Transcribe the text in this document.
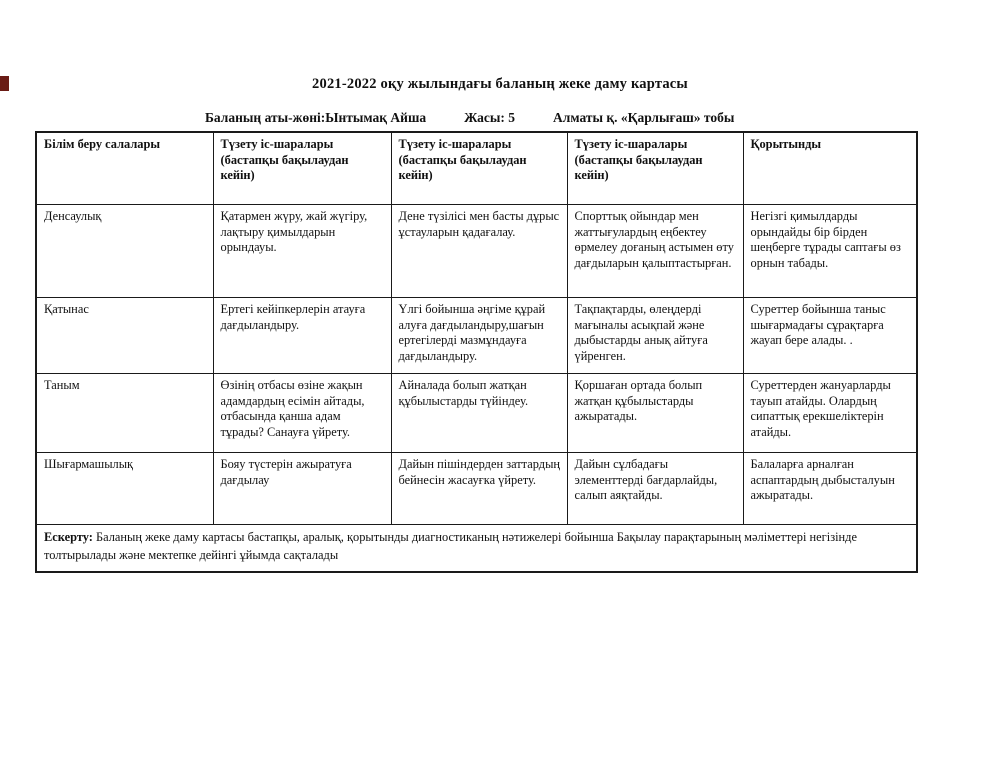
2021-2022 оқу жылындағы баланың жеке даму картасы
Баланың аты-жөні:Ынтымақ Айша	Жасы: 5	Алматы қ. «Қарлығаш» тобы
Білім беру салалары	Түзету іс-шаралары (бастапқы бақылаудан кейін)	Түзету іс-шаралары (бастапқы бақылаудан кейін)	Түзету іс-шаралары (бастапқы бақылаудан кейін)	Қорытынды
Денсаулық	Қатармен жүру, жай жүгіру, лақтыру қимылдарын орындауы.	Дене түзілісі мен басты дұрыс ұстауларын қадағалау.	Спорттық ойындар мен жаттығулардың еңбектеу өрмелеу доғаның астымен өту дағдыларын қалыптастырған.	Негізгі қимылдарды орындайды бір бірден шеңберге тұрады саптағы өз орнын табады.
Қатынас	Ертегі кейіпкерлерін атауға дағдыландыру.	Үлгі бойынша әңгіме құрай алуға дағдыландыру,шағын ертегілерді мазмұндауға дағдыландыру.	Тақпақтарды, өлеңдерді мағыналы асықпай және дыбыстарды анық айтуға үйренген.	Суреттер бойынша таныс шығармадағы сұрақтарға жауап бере алады. .
Таным	Өзінің отбасы өзіне жақын адамдардың есімін айтады, отбасында қанша адам тұрады? Санауға үйрету.	Айналада болып жатқан құбылыстарды түйіндеу.	Қоршаған ортада болып жатқан құбылыстарды ажыратады.	Суреттерден жануарларды тауып атайды. Олардың сипаттық ерекшеліктерін атайды.
Шығармашылық	Бояу түстерін ажыратуға дағдылау	Дайын пішіндерден заттардың бейнесін жасауғка үйрету.	Дайын сұлбадағы элементтерді бағдарлайды, салып аяқтайды.	Балаларға арналған аспаптардың дыбысталуын ажыратады.
Ескерту: Баланың жеке даму картасы бастапқы, аралық, қорытынды диагностиканың нәтижелері бойынша Бақылау парақтарының мәліметтері негізінде толтырылады және мектепке дейінгі ұйымда сақталады				
